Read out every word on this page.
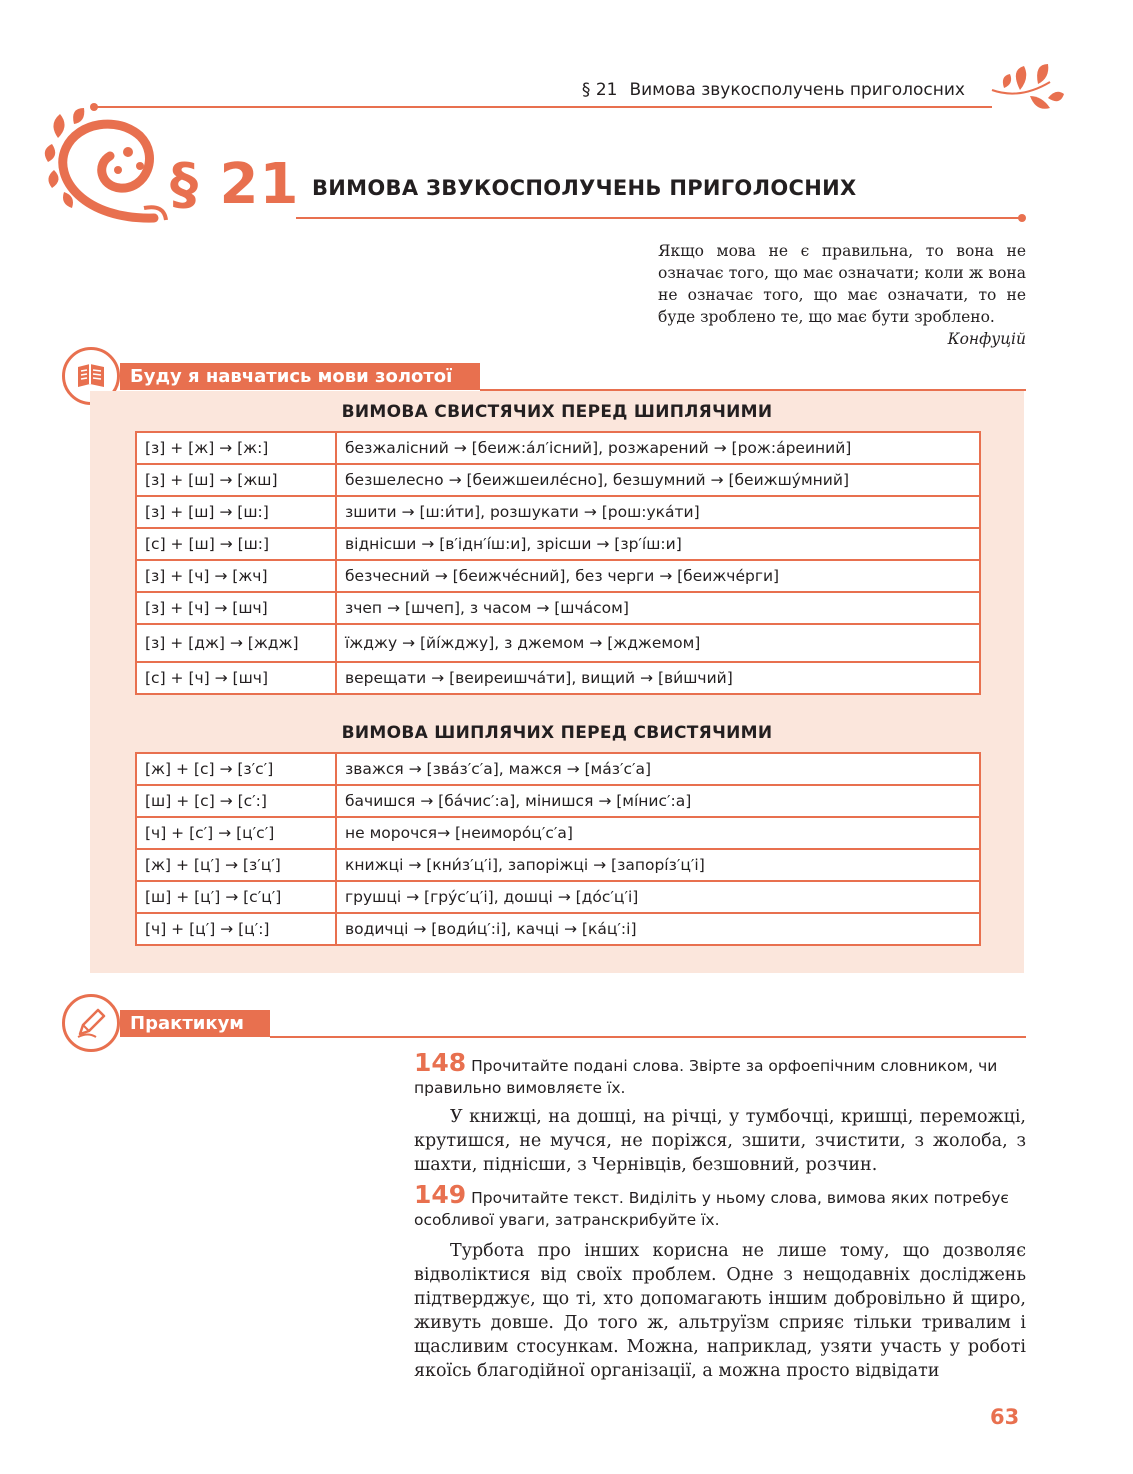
§ 21 Вимова звукосполучень приголосних
§ 21 ВИМОВА ЗВУКОСПОЛУЧЕНЬ ПРИГОЛОСНИХ
Якщо мова не є правильна, то вона не означає того, що має означати; коли ж вона не означає того, що має означати, то не буде зроблено те, що має бути зроблено.
Конфуцій
Буду я навчатись мови золотої
ВИМОВА СВИСТЯЧИХ ПЕРЕД ШИПЛЯЧИМИ
[з] + [ж] → [ж:]	безжалісний → [беиж:а́л′існий], розжарений → [рож:а́реиний]
[з] + [ш] → [жш]	безшелесно → [беижшеиле́сно], безшумний → [беижшу́мний]
[з] + [ш] → [ш:]	зшити → [ш:и́ти], розшукати → [рош:ука́ти]
[с] + [ш] → [ш:]	віднісши → [в′ідн′і́ш:и], зрісши → [зр′і́ш:и]
[з] + [ч] → [жч]	безчесний → [беижче́сний], без черги → [беижче́рги]
[з] + [ч] → [шч]	зчеп → [шчеп], з часом → [шча́сом]
[з] + [дж] → [ждж]	їжджу → [йі́жджу], з джемом → [жджемом]
[с] + [ч] → [шч]	верещати → [веиреишча́ти], вищий → [ви́шчий]
ВИМОВА ШИПЛЯЧИХ ПЕРЕД СВИСТЯЧИМИ
[ж] + [с] → [з′с′]	зважся → [зва́з′с′а], мажся → [ма́з′с′а]
[ш] + [с] → [с′:]	бачишся → [ба́чис′:а], мінишся → [мі́нис′:а]
[ч] + [с′] → [ц′с′]	не морочся→ [неиморо́ц′с′а]
[ж] + [ц′] → [з′ц′]	книжці → [кни́з′ц′і], запоріжці → [запорі́з′ц′і]
[ш] + [ц′] → [с′ц′]	грушці → [гру́с′ц′і], дошці → [до́с′ц′і]
[ч] + [ц′] → [ц′:]	водичці → [води́ц′:і], качці → [ка́ц′:і]
Практикум
148 Прочитайте подані слова. Звірте за орфоепічним словником, чи правильно вимовляєте їх.
У книжці, на дошці, на річці, у тумбочці, кришці, переможці, крутишся, не мучся, не поріжся, зшити, зчистити, з жолоба, з шахти, піднісши, з Чернівців, безшовний, розчин.
149 Прочитайте текст. Виділіть у ньому слова, вимова яких потребує особливої уваги, затранскрибуйте їх.
Турбота про інших корисна не лише тому, що дозволяє відволіктися від своїх проблем. Одне з нещодавніх досліджень підтверджує, що ті, хто допомагають іншим добровільно й щиро, живуть довше. До того ж, альтруїзм сприяє тільки тривалим і щасливим стосункам. Можна, наприклад, узяти участь у роботі якоїсь благодійної організації, а можна просто відвідати
63
